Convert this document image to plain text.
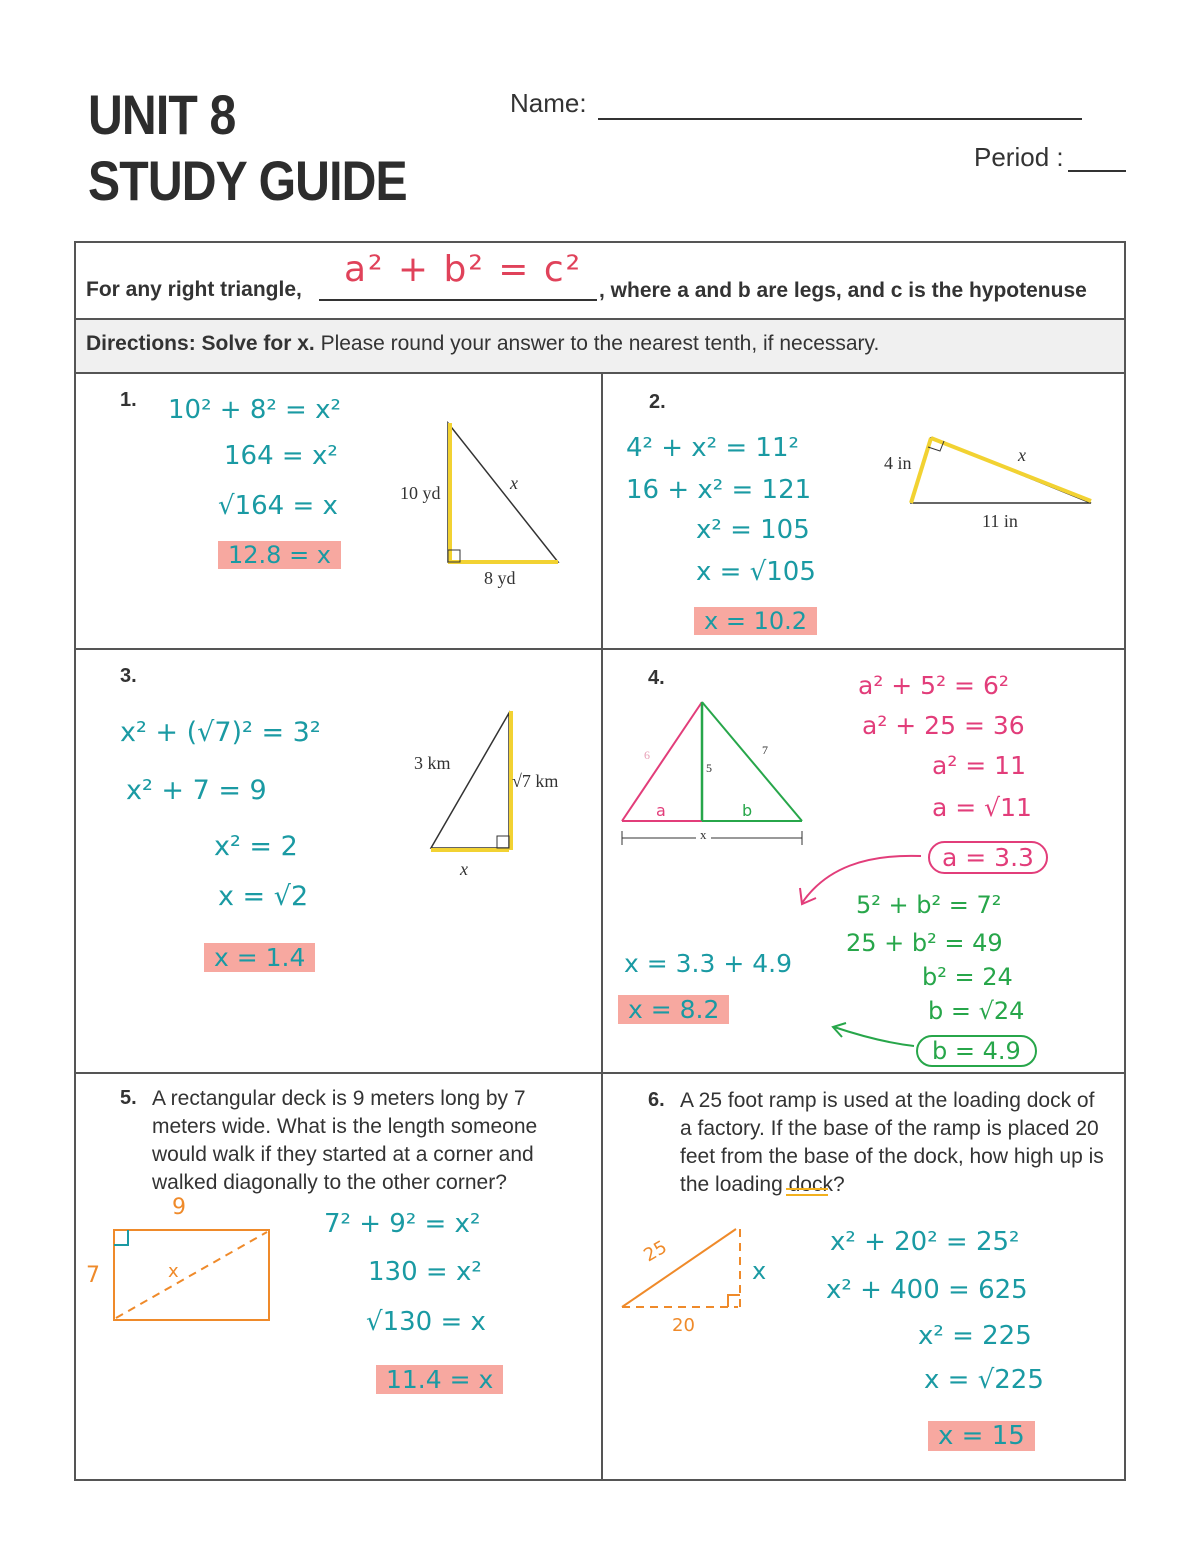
UNIT 8
STUDY GUIDE
Name:
Period :
For any right triangle, a² + b² = c²
, where a and b are legs, and c is the hypotenuse
Directions: Solve for x. Please round your answer to the nearest tenth, if necessary.
1. 10² + 8² = x²
164 = x²
√164 = x
12.8 = x
10 yd
8 yd
x
2.
4² + x² = 11²
16 + x² = 121
x² = 105
x = √105
x = 10.2
4 in	x
11 in
3.
x² + (√7)² = 3²
x² + 7 = 9
x² = 2
x = √2
x = 1.4
3 km
√7 km
x
4.
6
5
7
a	b
x
a² + 5² = 6²
a² + 25 = 36
a² = 11
a = √11
a = 3.3
5² + b² = 7²
25 + b² = 49
b² = 24
b = √24
b = 4.9
x = 3.3 + 4.9
x = 8.2
5. A rectangular deck is 9 meters long by 7 meters wide. What is the length someone would walk if they started at a corner and walked diagonally to the other corner?
9
7	x
7² + 9² = x²
130 = x²
√130 = x
11.4 = x
6. A 25 foot ramp is used at the loading dock of a factory. If the base of the ramp is placed 20 feet from the base of the dock, how high up is the loading dock?
25
20
x
x² + 20² = 25²
x² + 400 = 625
x² = 225
x = √225
x = 15
